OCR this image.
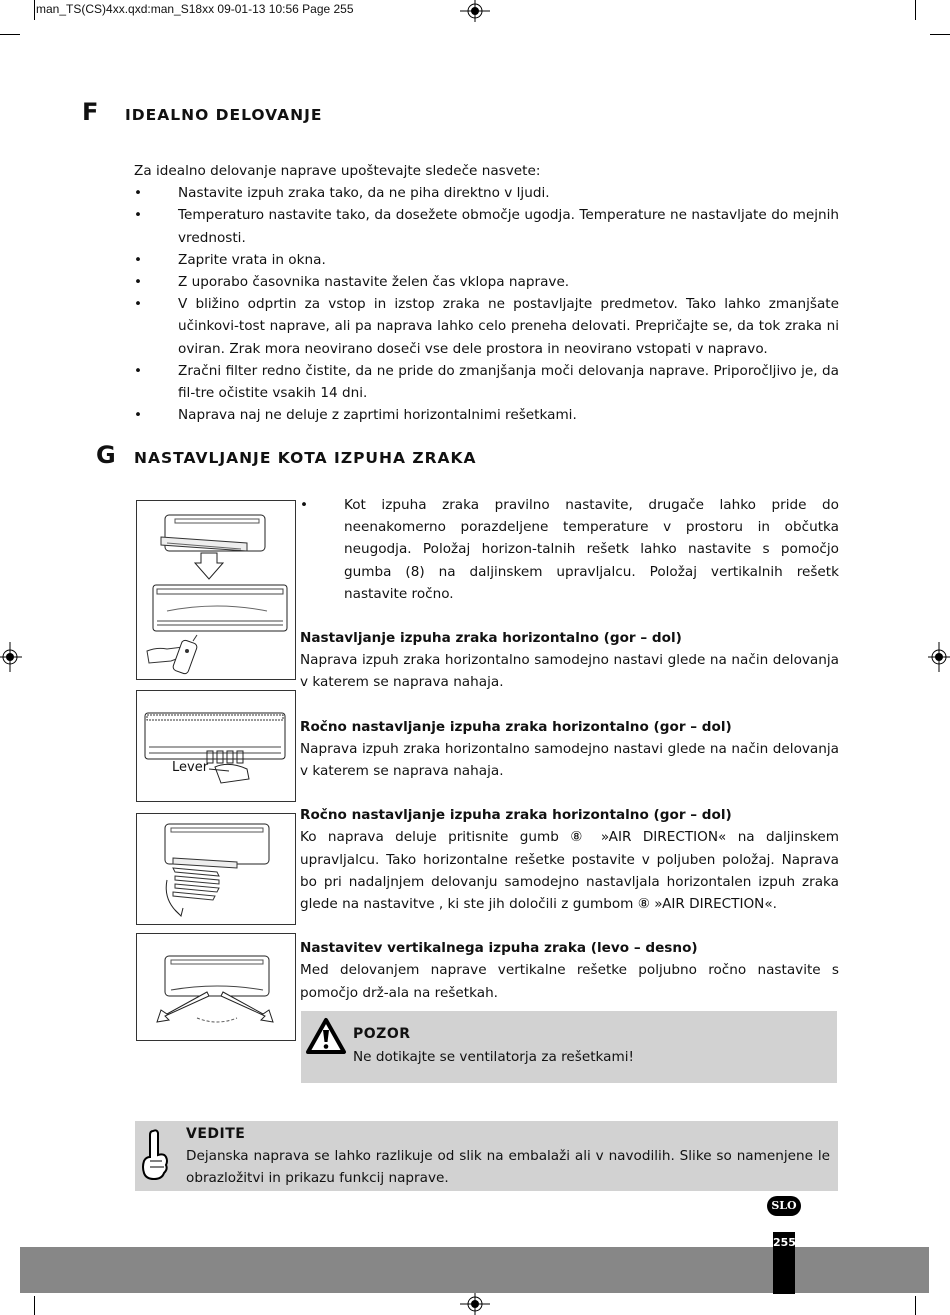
man_TS(CS)4xx.qxd:man_S18xx 09-01-13 10:56 Page 255
F IDEALNO DELOVANJE
Za idealno delovanje naprave upoštevajte sledeče nasvete:
• Nastavite izpuh zraka tako, da ne piha direktno v ljudi.
• Temperaturo nastavite tako, da dosežete območje ugodja. Temperature ne nastavljate do mejnih vrednosti.
• Zaprite vrata in okna.
• Z uporabo časovnika nastavite želen čas vklopa naprave.
• V bližino odprtin za vstop in izstop zraka ne postavljajte predmetov. Tako lahko zmanjšate učinkovi-tost naprave, ali pa naprava lahko celo preneha delovati. Prepričajte se, da tok zraka ni oviran. Zrak mora neovirano doseči vse dele prostora in neovirano vstopati v napravo.
• Zračni filter redno čistite, da ne pride do zmanjšanja moči delovanja naprave. Priporočljivo je, da fil-tre očistite vsakih 14 dni.
• Naprava naj ne deluje z zaprtimi horizontalnimi rešetkami.
G NASTAVLJANJE KOTA IZPUHA ZRAKA
Lever
• Kot izpuha zraka pravilno nastavite, drugače lahko pride do neenakomerno porazdeljene temperature v prostoru in občutka neugodja. Položaj horizon-talnih rešetk lahko nastavite s pomočjo gumba (8) na daljinskem upravljalcu. Položaj vertikalnih rešetk nastavite ročno.
Nastavljanje izpuha zraka horizontalno (gor – dol)

Naprava izpuh zraka horizontalno samodejno nastavi glede na način delovanja v katerem se naprava nahaja.

Ročno nastavljanje izpuha zraka horizontalno (gor – dol)

Naprava izpuh zraka horizontalno samodejno nastavi glede na način delovanja v katerem se naprava nahaja.

Ročno nastavljanje izpuha zraka horizontalno (gor – dol)

Ko naprava deluje pritisnite gumb ⑧ »AIR DIRECTION« na daljinskem upravljalcu. Tako horizontalne rešetke postavite v poljuben položaj. Naprava bo pri nadaljnjem delovanju samodejno nastavljala horizontalen izpuh zraka glede na nastavitve , ki ste jih določili z gumbom ⑧ »AIR DIRECTION«.

Nastavitev vertikalnega izpuha zraka (levo – desno)

Med delovanjem naprave vertikalne rešetke poljubno ročno nastavite s pomočjo drž-ala na rešetkah.

POZOR
Ne dotikajte se ventilatorja za rešetkami!
VEDITE
Dejanska naprava se lahko razlikuje od slik na embalaži ali v navodilih. Slike so namenjene le obrazložitvi in prikazu funkcij naprave.
SLO
255
